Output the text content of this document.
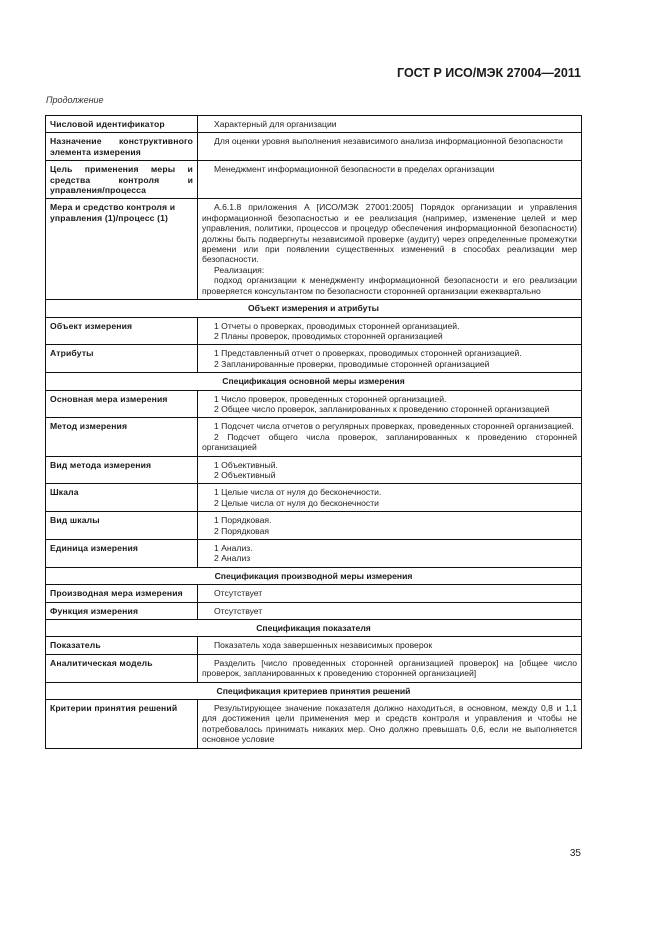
ГОСТ Р ИСО/МЭК 27004—2011
Продолжение
Числовой идентификатор	Характерный для организации

Назначение конструктивного элемента измерения	Для оценки уровня выполнения независимого анализа информационной безопасности

Цель применения меры и средства контроля и управления/процесса	Менеджмент информационной безопасности в пределах организации

Мера и средство контроля и управления (1)/процесс (1)	А.6.1.8 приложения А [ИСО/МЭК 27001:2005] Порядок организации и управления информационной безопасностью и ее реализация (например, изменение целей и мер управления, политики, процессов и процедур обеспечения информационной безопасности) должны быть подвергнуты независимой проверке (аудиту) через определенные промежутки времени или при появлении существенных изменений в способах реализации мер безопасности.

Реализация:

подход организации к менеджменту информационной безопасности и его реализации проверяется консультантом по безопасности сторонней организации ежеквартально

Объект измерения и атрибуты	
Объект измерения	1 Отчеты о проверках, проводимых сторонней организацией.

2 Планы проверок, проводимых сторонней организацией

Атрибуты	1 Представленный отчет о проверках, проводимых сторонней организацией.

2 Запланированные проверки, проводимые сторонней организацией

Спецификация основной меры измерения	
Основная мера измерения	1 Число проверок, проведенных сторонней организацией.

2 Общее число проверок, запланированных к проведению сторонней организацией

Метод измерения	1 Подсчет числа отчетов о регулярных проверках, проведенных сторонней организацией.

2 Подсчет общего числа проверок, запланированных к проведению сторонней организацией

Вид метода измерения	1 Объективный.

2 Объективный

Шкала	1 Целые числа от нуля до бесконечности.

2 Целые числа от нуля до бесконечности

Вид шкалы	1 Порядковая.

2 Порядковая

Единица измерения	1 Анализ.

2 Анализ

Спецификация производной меры измерения	
Производная мера измерения	Отсутствует

Функция измерения	Отсутствует

Спецификация показателя	
Показатель	Показатель хода завершенных независимых проверок

Аналитическая модель	Разделить [число проведенных сторонней организацией проверок] на [общее число проверок, запланированных к проведению сторонней организацией]

Спецификация критериев принятия решений	
Критерии принятия решений	Результирующее значение показателя должно находиться, в основном, между 0,8 и 1,1 для достижения цели применения мер и средств контроля и управления и чтобы не потребовалось принимать никаких мер. Оно должно превышать 0,6, если не выполняется основное условие

35
